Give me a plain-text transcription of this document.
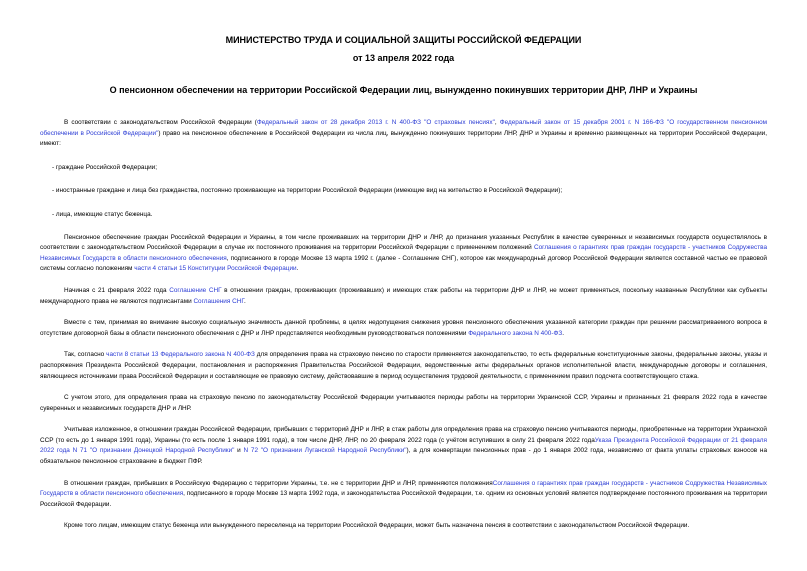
МИНИСТЕРСТВО ТРУДА И СОЦИАЛЬНОЙ ЗАЩИТЫ РОССИЙСКОЙ ФЕДЕРАЦИИ

от 13 апреля 2022 года

О пенсионном обеспечении на территории Российской Федерации лиц, вынужденно покинувших территории ДНР, ЛНР и Украины

В соответствии с законодательством Российской Федерации (Федеральный закон от 28 декабря 2013 г. N 400-ФЗ "О страховых пенсиях", Федеральный закон от 15 декабря 2001 г. N 166-ФЗ "О государственном пенсионном обеспечении в Российской Федерации") право на пенсионное обеспечение в Российской Федерации из числа лиц, вынужденно покинувших территории ЛНР, ДНР и Украины и временно размещенных на территории Российской Федерации, имеют:

- граждане Российской Федерации;

- иностранные граждане и лица без гражданства, постоянно проживающие на территории Российской Федерации (имеющие вид на жительство в Российской Федерации);

- лица, имеющие статус беженца.

Пенсионное обеспечение граждан Российской Федерации и Украины, в том числе проживавших на территории ДНР и ЛНР, до признания указанных Республик в качестве суверенных и независимых государств осуществлялось в соответствии с законодательством Российской Федерации в случае их постоянного проживания на территории Российской Федерации с применением положений Соглашения о гарантиях прав граждан государств - участников Содружества Независимых Государств в области пенсионного обеспечения, подписанного в городе Москве 13 марта 1992 г. (далее - Соглашение СНГ), которое как международный договор Российской Федерации является составной частью ее правовой системы согласно положениям части 4 статьи 15 Конституции Российской Федерации.

Начиная с 21 февраля 2022 года Соглашение СНГ в отношении граждан, проживающих (проживавших) и имеющих стаж работы на территории ДНР и ЛНР, не может применяться, поскольку названные Республики как субъекты международного права не являются подписантами Соглашения СНГ.

Вместе с тем, принимая во внимание высокую социальную значимость данной проблемы, в целях недопущения снижения уровня пенсионного обеспечения указанной категории граждан при решении рассматриваемого вопроса в отсутствие договорной базы в области пенсионного обеспечения с ДНР и ЛНР представляется необходимым руководствоваться положениями Федерального закона N 400-ФЗ.

Так, согласно части 8 статьи 13 Федерального закона N 400-ФЗ для определения права на страховую пенсию по старости применяется законодательство, то есть федеральные конституционные законы, федеральные законы, указы и распоряжения Президента Российской Федерации, постановления и распоряжения Правительства Российской Федерации, ведомственные акты федеральных органов исполнительной власти, международные договоры и соглашения, являющиеся источниками права Российской Федерации и составляющие ее правовую систему, действовавшие в период осуществления трудовой деятельности, с применением правил подсчета соответствующего стажа.

С учетом этого, для определения права на страховую пенсию по законодательству Российской Федерации учитываются периоды работы на территории Украинской ССР, Украины и признанных 21 февраля 2022 года в качестве суверенных и независимых государств ДНР и ЛНР.

Учитывая изложенное, в отношении граждан Российской Федерации, прибывших с территорий ДНР и ЛНР, в стаж работы для определения права на страховую пенсию учитываются периоды, приобретенные на территории Украинской ССР (то есть до 1 января 1991 года), Украины (то есть после 1 января 1991 года), в том числе ДНР, ЛНР, по 20 февраля 2022 года (с учётом вступивших в силу 21 февраля 2022 годаУказа Президента Российской Федерации от 21 февраля 2022 года N 71 "О признании Донецкой Народной Республики" и N 72 "О признании Луганской Народной Республики"), а для конвертации пенсионных прав - до 1 января 2002 года, независимо от факта уплаты страховых взносов на обязательное пенсионное страхование в бюджет ПФР.

В отношении граждан, прибывших в Российскую Федерацию с территории Украины, т.е. не с территории ДНР и ЛНР, применяются положенияСоглашения о гарантиях прав граждан государств - участников Содружества Независимых Государств в области пенсионного обеспечения, подписанного в городе Москве 13 марта 1992 года, и законодательства Российской Федерации, т.е. одним из основных условий является подтверждение постоянного проживания на территории Российской Федерации.

Кроме того лицам, имеющим статус беженца или вынужденного переселенца на территории Российской Федерации, может быть назначена пенсия в соответствии с законодательством Российской Федерации.
